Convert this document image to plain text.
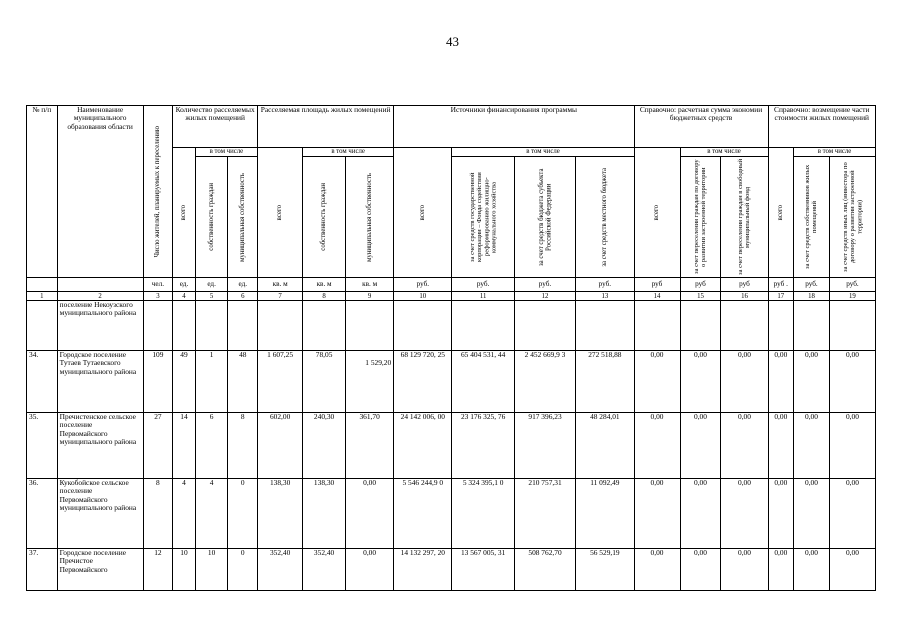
43
№ п/п	Наименование муниципального образования области	Число жителей, планируемых к переселению	Количество расселяемых жилых помещений			Расселяемая площадь жилых помещений			Источники финансирования программы				Справочно: расчетная сумма экономии бюджетных средств			Справочно: возмещение части стоимости жилых помещений		

			всего	в том числе		всего	в том числе		всего	в том числе			всего	в том числе		всего	в том числе	

				собственность граждан	муниципальная собственность		собственность граждан	муниципальная собственность		за счет средств государственной корпорации – Фонда содействия реформированию жилищно-коммунального хозяйства	за счет средств бюджета субъекта Российской Федерации	за счет средств местного бюджета		за счет переселения граждан по договору о развитии застроенной территории	за счет переселения граждан в свободный муниципальный фонд		за счет средств собственников жилых помещений	за счет средств иных лиц (инвестора по договору о развитии застроенной территории)

		чел.	ед.	ед.	ед.	кв. м	кв. м	кв. м	руб.	руб.	руб.	руб.	руб	руб	руб	руб .	руб.	руб.
1	2	3	4	5	6	7	8	9	10	11	12	13	14	15	16	17	18	19
	поселение Некоузского муниципального района																	
34.	Городское поселение Тутаев Тутаевского муниципального района	109	49	1	48	1 607,25	78,05	1 529,20	68 129 720, 25	65 404 531, 44	2 452 669,9 3	272 518,88	0,00	0,00	0,00	0,00	0,00	0,00
35.	Пречистенское сельское поселение Первомайского муниципального района	27	14	6	8	602,00	240,30	361,70	24 142 006, 00	23 176 325, 76	917 396,23	48 284,01	0,00	0,00	0,00	0,00	0,00	0,00
36.	Кукобойское сельское поселение Первомайского муниципального района	8	4	4	0	138,30	138,30	0,00	5 546 244,9 0	5 324 395,1 0	210 757,31	11 092,49	0,00	0,00	0,00	0,00	0,00	0,00
37.	Городское поселение Пречистое Первомайского	12	10	10	0	352,40	352,40	0,00	14 132 297, 20	13 567 005, 31	508 762,70	56 529,19	0,00	0,00	0,00	0,00	0,00	0,00
